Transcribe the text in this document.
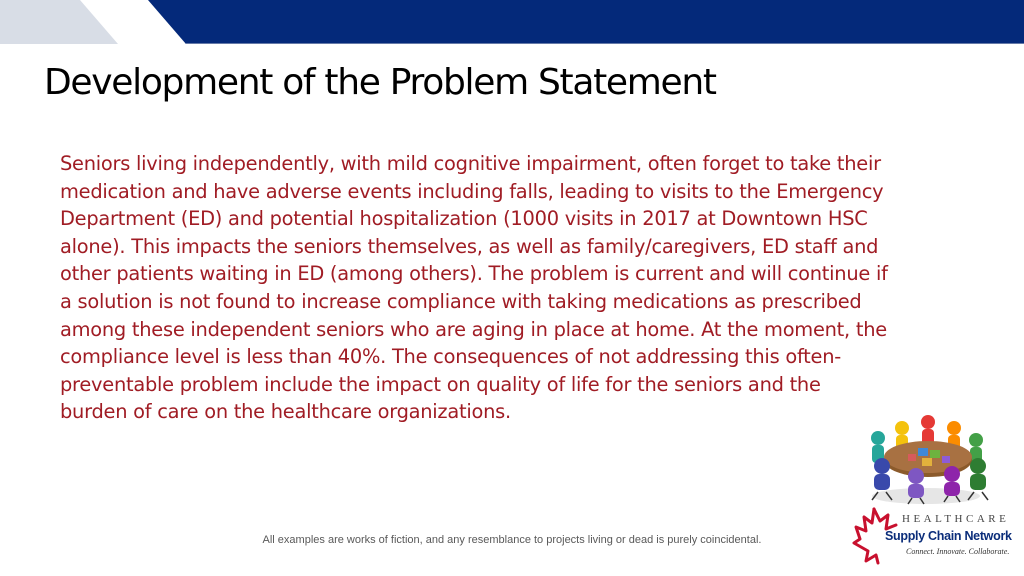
Development of the Problem Statement

Seniors living independently, with mild cognitive impairment, often forget to take their
medication and have adverse events including falls, leading to visits to the Emergency
Department (ED) and potential hospitalization (1000 visits in 2017 at Downtown HSC
alone). This impacts the seniors themselves, as well as family/caregivers, ED staff and
other patients waiting in ED (among others). The problem is current and will continue if
a solution is not found to increase compliance with taking medications as prescribed
among these independent seniors who are aging in place at home. At the moment, the
compliance level is less than 40%. The consequences of not addressing this often-
preventable problem include the impact on quality of life for the seniors and the
burden of care on the healthcare organizations.

All examples are works of fiction, and any resemblance to projects living or dead is purely coincidental.
HEALTHCARE
Supply Chain Network
Connect. Innovate. Collaborate.
